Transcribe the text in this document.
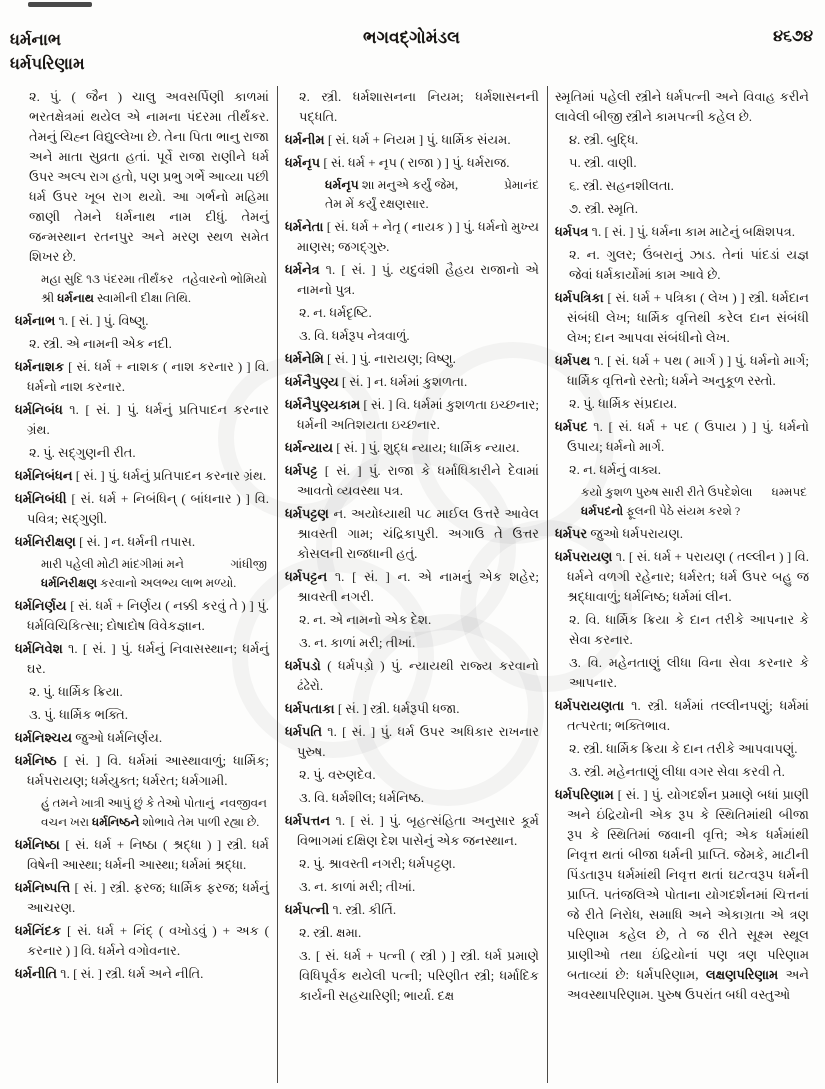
ધર્મનાભ
ધર્મપરિણામ
ભગવદ્ગોમંડલ	૪૬૭૪

૨. પું. ( જૈન ) ચાલુ અવસર્પિણી કાળમાં ભરતક્ષેત્રમાં થયેલ એ નામના પંદરમા તીર્થંકર. તેમનું ચિહ્ન વિદ્યુલ્લેખા છે. તેના પિતા ભાનુ રાજા અને માતા સુવ્રતા હતાં. પૂર્વે રાજા રાણીને ધર્મ ઉપર અલ્પ રાગ હતો, પણ પ્રભુ ગર્ભે આવ્યા પછી ધર્મ ઉપર ખૂબ રાગ થયો. આ ગર્ભનો મહિમા જાણી તેમને ધર્મનાથ નામ દીધું. તેમનું જન્મસ્થાન રતનપુર અને મરણ સ્થળ સમેત શિખર છે.

તહેવારનો ભોમિયો
મહા સુદિ ૧૩ પંદરમા તીર્થંકર શ્રી ધર્મનાથ સ્વામીની દીક્ષા તિથિ.

ધર્મનાભ ૧. [ સં. ] પું. વિષ્ણુ.

૨. સ્ત્રી. એ નામની એક નદી.

ધર્મનાશક [ સં. ધર્મ + નાશક ( નાશ કરનાર ) ] વિ. ધર્મનો નાશ કરનાર.

ધર્મનિબંધ ૧. [ સં. ] પું. ધર્મનું પ્રતિપાદન કરનાર ગ્રંથ.

૨. પું. સદ્ગુણની રીત.

ધર્મનિબંધન [ સં. ] પું. ધર્મનું પ્રતિપાદન કરનાર ગ્રંથ.

ધર્મનિબંધી [ સં. ધર્મ + નિબંધિન્ ( બાંધનાર ) ] વિ. પવિત્ર; સદ્ગુણી.

ધર્મનિરીક્ષણ [ સં. ] ન. ધર્મની તપાસ.

ગાંધીજી
મારી પહેલી મોટી માંદગીમાં મને ધર્મનિરીક્ષણ કરવાનો અલભ્ય લાભ મળ્યો.

ધર્મનિર્ણય [ સં. ધર્મ + નિર્ણય ( નક્કી કરવું તે ) ] પું. ધર્મવિચિકિત્સા; દોષાદોષ વિવેકજ્ઞાન.

ધર્મનિવેશ ૧. [ સં. ] પું. ધર્મનું નિવાસસ્થાન; ધર્મનું ઘર.

૨. પું. ધાર્મિક ક્રિયા.

૩. પું. ધાર્મિક ભક્તિ.

ધર્મનિશ્ચય જુઓ ધર્મનિર્ણય.

ધર્મનિષ્ઠ [ સં. ] વિ. ધર્મમાં આસ્થાવાળું; ધાર્મિક; ધર્મપરાયણ; ધર્મયુક્ત; ધર્મરત; ધર્મગામી.

નવજીવન
હું તમને ખાત્રી આપું છું કે તેઓ પોતાનું વચન ખરા ધર્મનિષ્ઠને શોભાવે તેમ પાળી રહ્યા છે.

ધર્મનિષ્ઠા [ સં. ધર્મ + નિષ્ઠા ( શ્રદ્ધા ) ] સ્ત્રી. ધર્મ વિષેની આસ્થા; ધર્મની આસ્થા; ધર્મમાં શ્રદ્ધા.

ધર્મનિષ્પત્તિ [ સં. ] સ્ત્રી. ફરજ; ધાર્મિક ફરજ; ધર્મનું આચરણ.

ધર્મનિંદક [ સં. ધર્મ + નિંદ્ ( વખોડવું ) + અક ( કરનાર ) ] વિ. ધર્મને વગોવનાર.

ધર્મનીતિ ૧. [ સં. ] સ્ત્રી. ધર્મ અને નીતિ.

૨. સ્ત્રી. ધર્મશાસનના નિયમ; ધર્મશાસનની પદ્ધતિ.

ધર્મનીમ [ સં. ધર્મ + નિયમ ] પું. ધાર્મિક સંયમ.

ધર્મનૃપ [ સં. ધર્મ + નૃપ ( રાજા ) ] પું. ધર્મરાજ.

પ્રેમાનંદ
ધર્મનૃપ શા મનુએ કર્યું જેમ,
તેમ મેં કર્યું રક્ષણસાર.

ધર્મનેતા [ સં. ધર્મ + નેતૃ ( નાયક ) ] પું. ધર્મનો મુખ્ય માણસ; જગદ્ગુરુ.

ધર્મનેત્ર ૧. [ સં. ] પું. યદુવંશી હૈહય રાજાનો એ નામનો પુત્ર.

૨. ન. ધર્મદૃષ્ટિ.

૩. વિ. ધર્મરૂપ નેત્રવાળું.

ધર્મનેમિ [ સં. ] પું. નારાયણ; વિષ્ણુ.

ધર્મનૈપુણ્ય [ સં. ] ન. ધર્મમાં કુશળતા.

ધર્મનૈપુણ્યકામ [ સં. ] વિ. ધર્મમાં કુશળતા ઇચ્છનાર; ધર્મની અતિશયતા ઇચ્છનાર.

ધર્મન્યાય [ સં. ] પું. શુદ્ધ ન્યાય; ધાર્મિક ન્યાય.

ધર્મપટ્ટ [ સં. ] પું. રાજા કે ધર્માધિકારીને દેવામાં આવતો વ્યવસ્થા પત્ર.

ધર્મપટ્ટણ ન. અયોધ્યાથી ૫૮ માઈલ ઉત્તરે આવેલ શ્રાવસ્તી ગામ; ચંદ્રિકાપુરી. અગાઉ તે ઉત્તર કોસલની રાજધાની હતું.

ધર્મપટ્ટન ૧. [ સં. ] ન. એ નામનું એક શહેર; શ્રાવસ્તી નગરી.

૨. ન. એ નામનો એક દેશ.

૩. ન. કાળાં મરી; તીખાં.

ધર્મપડો ( ધર્મપડ઼ો ) પું. ન્યાયથી રાજ્ય કરવાનો ઢંઢેરો.

ધર્મપતાકા [ સં. ] સ્ત્રી. ધર્મરૂપી ધજા.

ધર્મપતિ ૧. [ સં. ] પું. ધર્મ ઉપર અધિકાર રાખનાર પુરુષ.

૨. પું. વરુણદેવ.

૩. વિ. ધર્મશીલ; ધર્મનિષ્ઠ.

ધર્મપત્તન ૧. [ સં. ] પું. બૃહત્સંહિતા અનુસાર કૂર્મ વિભાગમાં દક્ષિણ દેશ પાસેનું એક જનસ્થાન.

૨. પું. શ્રાવસ્તી નગરી; ધર્મપટ્ટણ.

૩. ન. કાળાં મરી; તીખાં.

ધર્મપત્ની ૧. સ્ત્રી. કીર્તિ.

૨. સ્ત્રી. ક્ષમા.

૩. [ સં. ધર્મ + પત્ની ( સ્ત્રી ) ] સ્ત્રી. ધર્મ પ્રમાણે વિધિપૂર્વક થયેલી પત્ની; પરિણીત સ્ત્રી; ધર્માદિક કાર્યની સહચારિણી; ભાર્યા. દક્ષ

સ્મૃતિમાં પહેલી સ્ત્રીને ધર્મપત્ની અને વિવાહ કરીને લાવેલી બીજી સ્ત્રીને કામપત્ની કહેલ છે.

૪. સ્ત્રી. બુદ્ધિ.

૫. સ્ત્રી. વાણી.

૬. સ્ત્રી. સહનશીલતા.

૭. સ્ત્રી. સ્મૃતિ.

ધર્મપત્ર ૧. [ સં. ] પું. ધર્મના કામ માટેનું બક્ષિશપત્ર.

૨. ન. ગુલર; ઉંબરાનું ઝાડ. તેનાં પાંદડાં યજ્ઞ જેવાં ધર્મકાર્યોમાં કામ આવે છે.

ધર્મપત્રિકા [ સં. ધર્મ + પત્રિકા ( લેખ ) ] સ્ત્રી. ધર્મદાન સંબંધી લેખ; ધાર્મિક વૃત્તિથી કરેલ દાન સંબંધી લેખ; દાન આપવા સંબંધીનો લેખ.

ધર્મપથ ૧. [ સં. ધર્મ + પથ ( માર્ગ ) ] પું. ધર્મનો માર્ગ; ધાર્મિક વૃત્તિનો રસ્તો; ધર્મને અનુકૂળ રસ્તો.

૨. પું. ધાર્મિક સંપ્રદાય.

ધર્મપદ ૧. [ સં. ધર્મ + પદ ( ઉપાય ) ] પું. ધર્મનો ઉપાય; ધર્મનો માર્ગ.

૨. ન. ધર્મનું વાક્ય.

ધમ્મપદ
કયો કુશળ પુરુષ સારી રીતે ઉપદેશેલા ધર્મપદનો ફૂલની પેઠે સંયમ કરશે ?

ધર્મપર જુઓ ધર્મપરાયણ.

ધર્મપરાયણ ૧. [ સં. ધર્મ + પરાયણ ( તલ્લીન ) ] વિ. ધર્મને વળગી રહેનાર; ધર્મરત; ધર્મ ઉપર બહુ જ શ્રદ્ધાવાળું; ધર્મનિષ્ઠ; ધર્મમાં લીન.

૨. વિ. ધાર્મિક ક્રિયા કે દાન તરીકે આપનાર કે સેવા કરનાર.

૩. વિ. મહેનતાણું લીધા વિના સેવા કરનાર કે આપનાર.

ધર્મપરાયણતા ૧. સ્ત્રી. ધર્મમાં તલ્લીનપણું; ધર્મમાં તત્પરતા; ભક્તિભાવ.

૨. સ્ત્રી. ધાર્મિક ક્રિયા કે દાન તરીકે આપવાપણું.

૩. સ્ત્રી. મહેનતાણું લીધા વગર સેવા કરવી તે.

ધર્મપરિણામ [ સં. ] પું. યોગદર્શન પ્રમાણે બધાં પ્રાણી અને ઇંદ્રિયોની એક રૂપ કે સ્થિતિમાંથી બીજા રૂપ કે સ્થિતિમાં જવાની વૃત્તિ; એક ધર્મમાંથી નિવૃત્ત થતાં બીજા ધર્મની પ્રાપ્તિ. જેમકે, માટીની પિંડતારૂપ ધર્મમાંથી નિવૃત્ત થતાં ઘટત્વરૂપ ધર્મની પ્રાપ્તિ. પતંજલિએ પોતાના યોગદર્શનમાં ચિત્તનાં જે રીતે નિરોધ, સમાધિ અને એકાગ્રતા એ ત્રણ પરિણામ કહેલ છે, તે જ રીતે સૂક્ષ્મ સ્થૂલ પ્રાણીઓ તથા ઇંદ્રિયોનાં પણ ત્રણ પરિણામ બતાવ્યાં છે: ધર્મપરિણામ, લક્ષણપરિણામ અને અવસ્થાપરિણામ. પુરુષ ઉપરાંત બધી વસ્તુઓ
